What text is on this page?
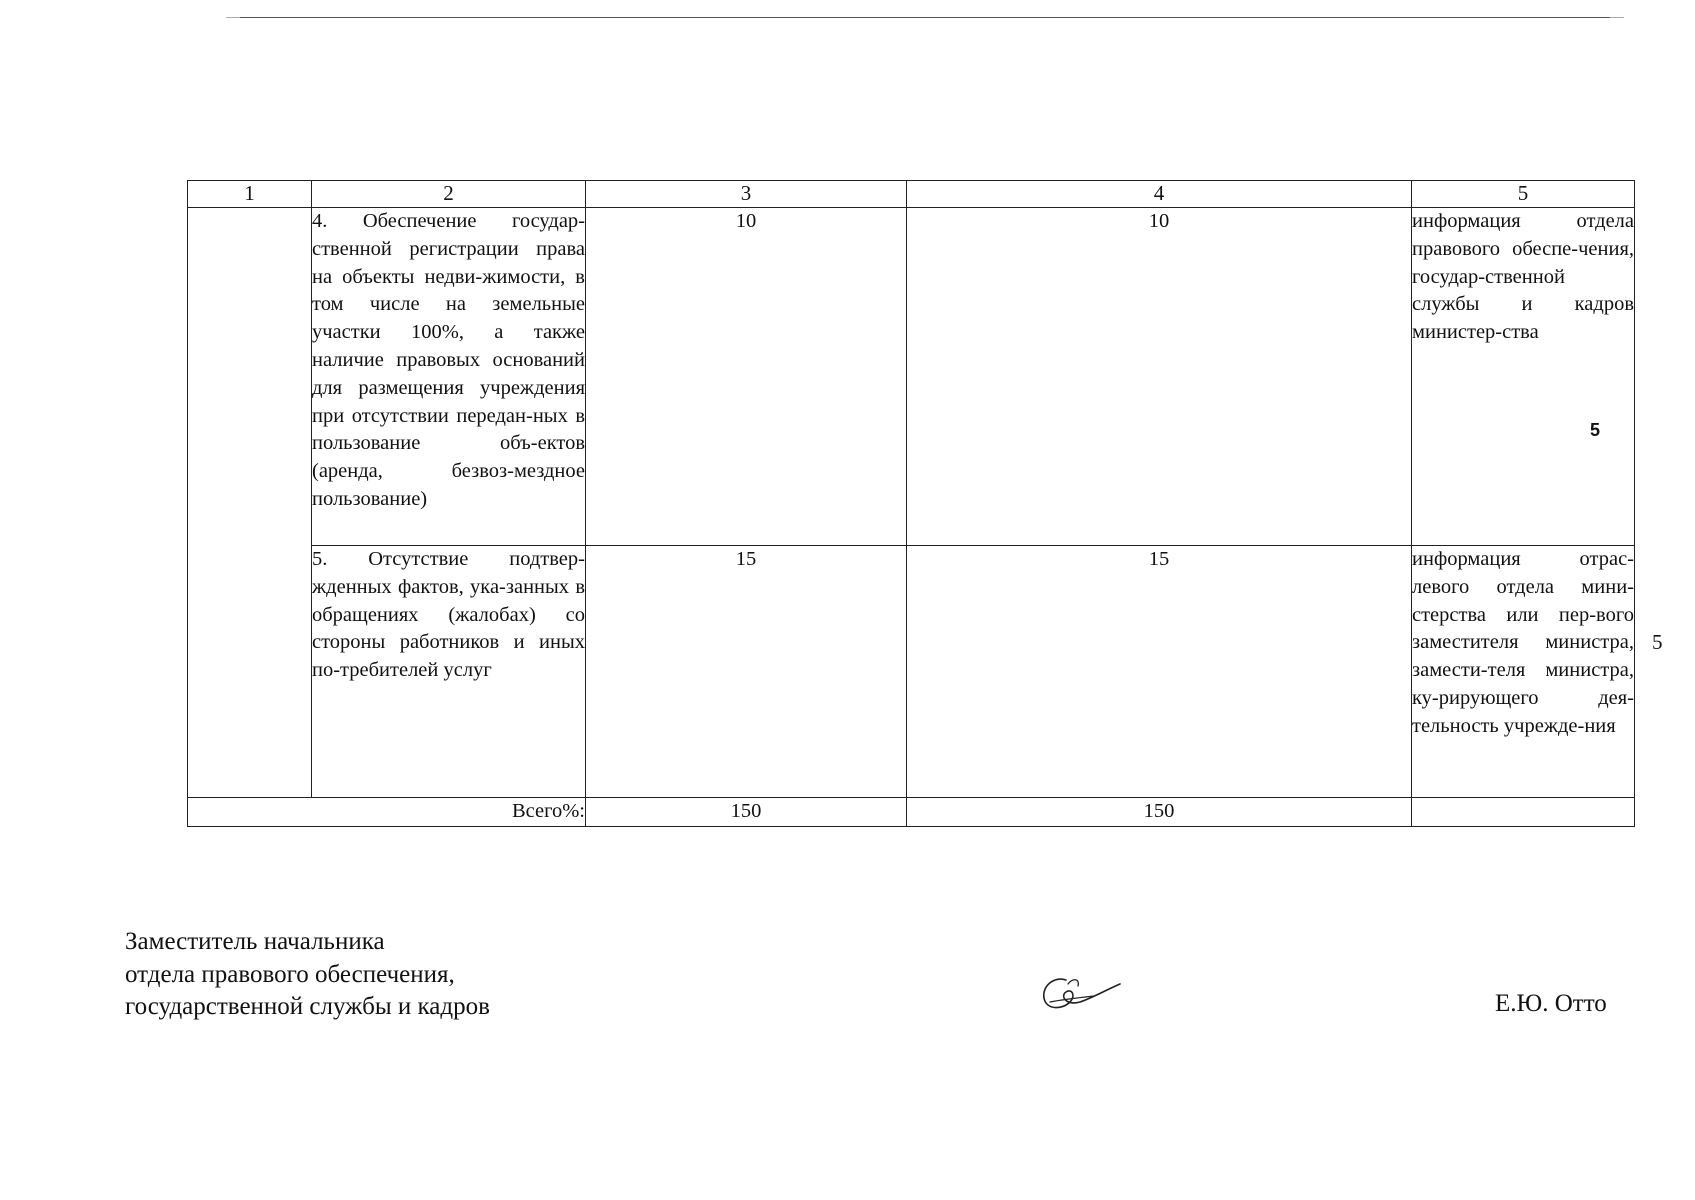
1	2	3	4	5
	4. Обеспечение государ-ственной регистрации права на объекты недви-жимости, в том числе на земельные участки 100%, а также наличие правовых оснований для размещения учреждения при отсутствии передан-ных в пользование объ-ектов (аренда, безвоз-мездное пользование)	10	10	информация отдела правового обеспе-чения, государ-ственной службы и кадров министер-ства
	5. Отсутствие подтвер-жденных фактов, ука-занных в обращениях (жалобах) со стороны работников и иных по-требителей услуг	15	15	информация отрас-левого отдела мини-стерства или пер-вого заместителя министра, замести-теля министра, ку-рирующего дея-тельность учрежде-ния
Всего%:		150	150	
5
5
Заместитель начальника
отдела правового обеспечения,
государственной службы и кадров	Е.Ю. Отто
